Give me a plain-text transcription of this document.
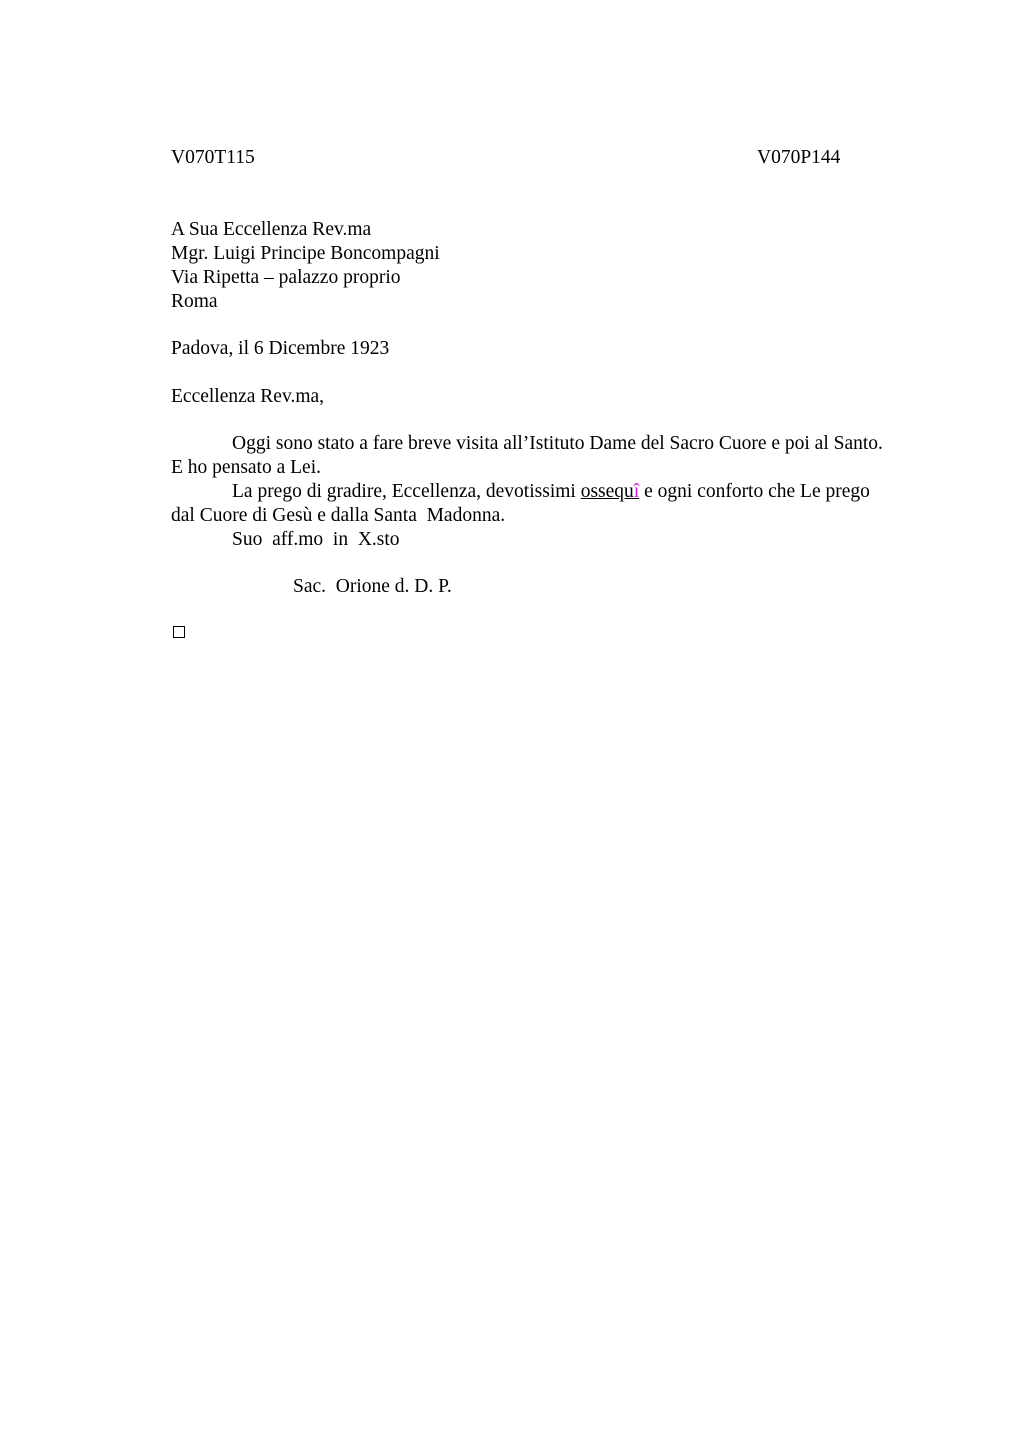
V070T115	V070P144
A Sua Eccellenza Rev.ma
Mgr. Luigi Principe Boncompagni
Via Ripetta – palazzo proprio
Roma
Padova, il 6 Dicembre 1923
Eccellenza Rev.ma,
Oggi sono stato a fare breve visita all’Istituto Dame del Sacro Cuore e poi al Santo.
E ho pensato a Lei.
La prego di gradire, Eccellenza, devotissimi ossequî e ogni conforto che Le prego
dal Cuore di Gesù e dalla Santa  Madonna.
Suo  aff.mo  in  X.sto
Sac.  Orione d. D. P.
